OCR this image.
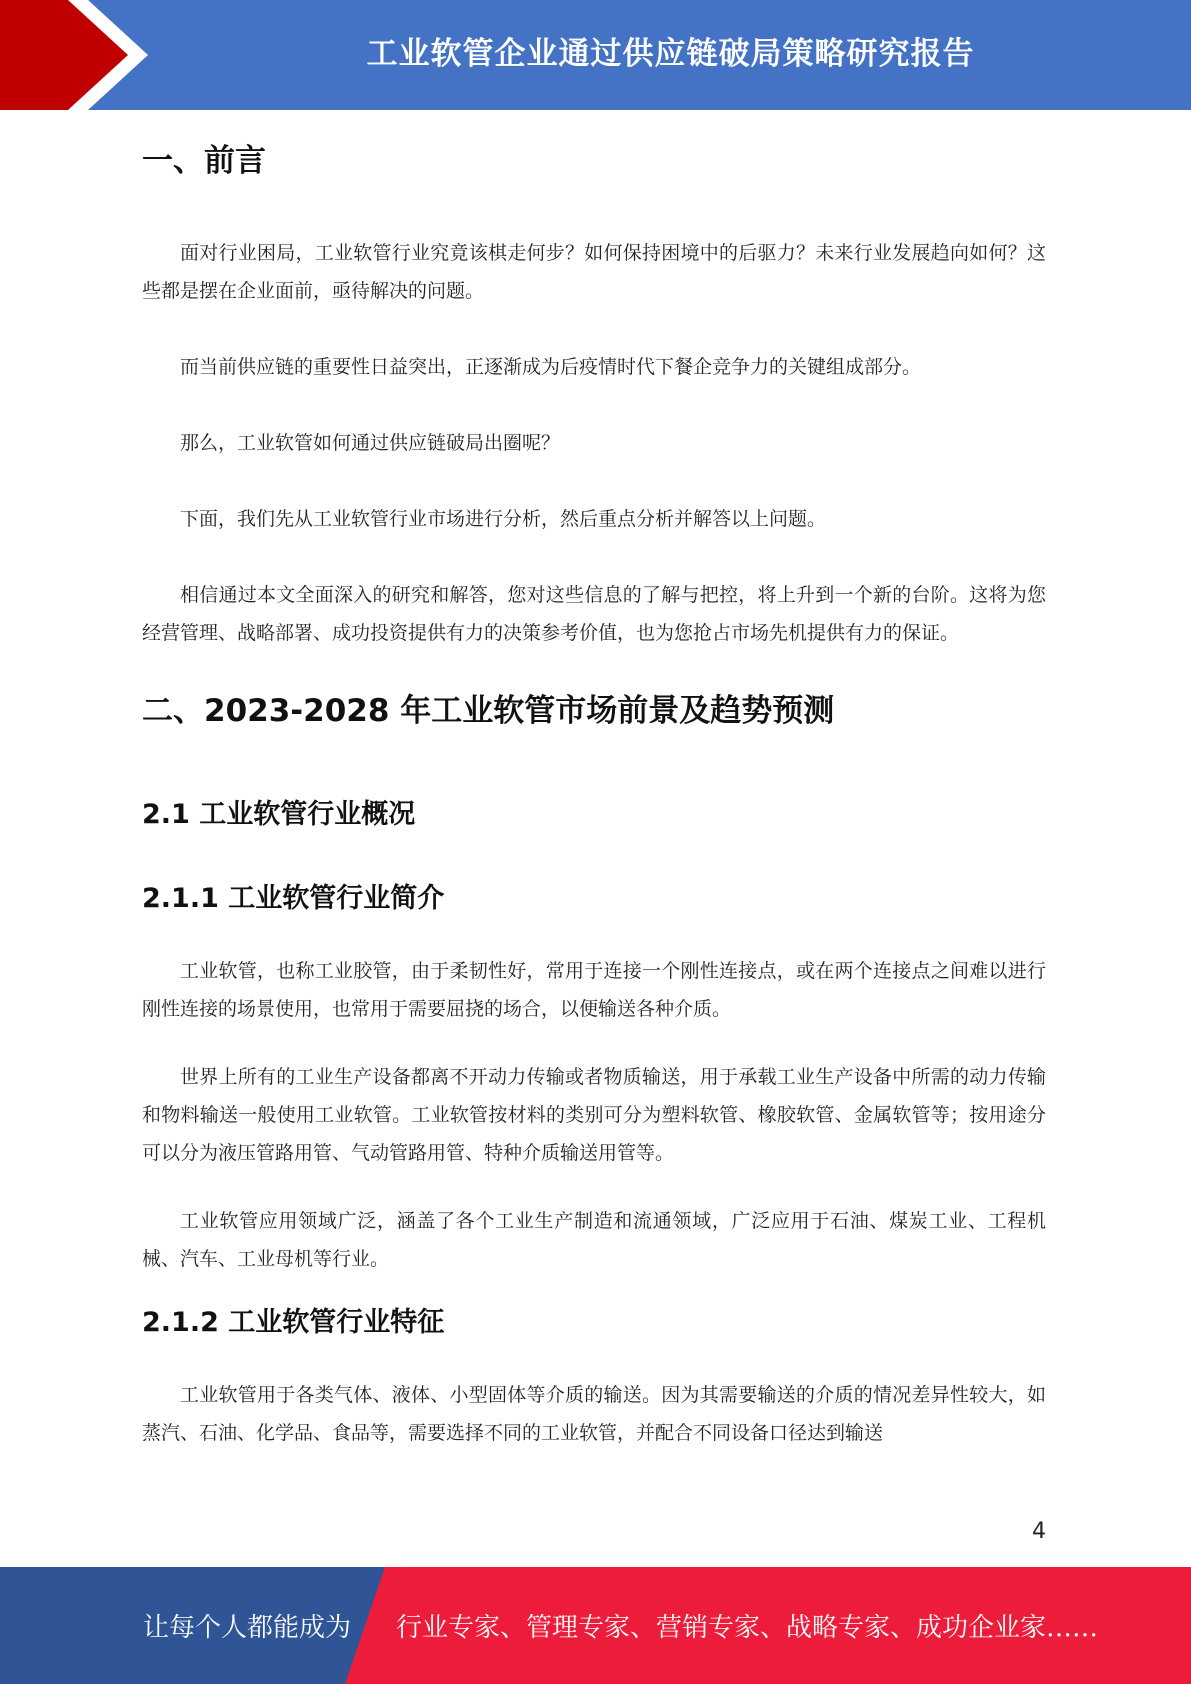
工业软管企业通过供应链破局策略研究报告
一、前言

面对行业困局，工业软管行业究竟该棋走何步？如何保持困境中的后驱力？未来行业发展趋向如何？这些都是摆在企业面前，亟待解决的问题。

而当前供应链的重要性日益突出，正逐渐成为后疫情时代下餐企竞争力的关键组成部分。

那么，工业软管如何通过供应链破局出圈呢？

下面，我们先从工业软管行业市场进行分析，然后重点分析并解答以上问题。

相信通过本文全面深入的研究和解答，您对这些信息的了解与把控，将上升到一个新的台阶。这将为您经营管理、战略部署、成功投资提供有力的决策参考价值，也为您抢占市场先机提供有力的保证。

二、2023-2028 年工业软管市场前景及趋势预测
2.1 工业软管行业概况
2.1.1 工业软管行业简介

工业软管，也称工业胶管，由于柔韧性好，常用于连接一个刚性连接点，或在两个连接点之间难以进行刚性连接的场景使用，也常用于需要屈挠的场合，以便输送各种介质。

世界上所有的工业生产设备都离不开动力传输或者物质输送，用于承载工业生产设备中所需的动力传输和物料输送一般使用工业软管。工业软管按材料的类别可分为塑料软管、橡胶软管、金属软管等；按用途分可以分为液压管路用管、气动管路用管、特种介质输送用管等。

工业软管应用领域广泛，涵盖了各个工业生产制造和流通领域，广泛应用于石油、煤炭工业、工程机械、汽车、工业母机等行业。

2.1.2 工业软管行业特征

工业软管用于各类气体、液体、小型固体等介质的输送。因为其需要输送的介质的情况差异性较大，如蒸汽、石油、化学品、食品等，需要选择不同的工业软管，并配合不同设备口径达到输送

4
让每个人都能成为 行业专家、管理专家、营销专家、战略专家、成功企业家……
